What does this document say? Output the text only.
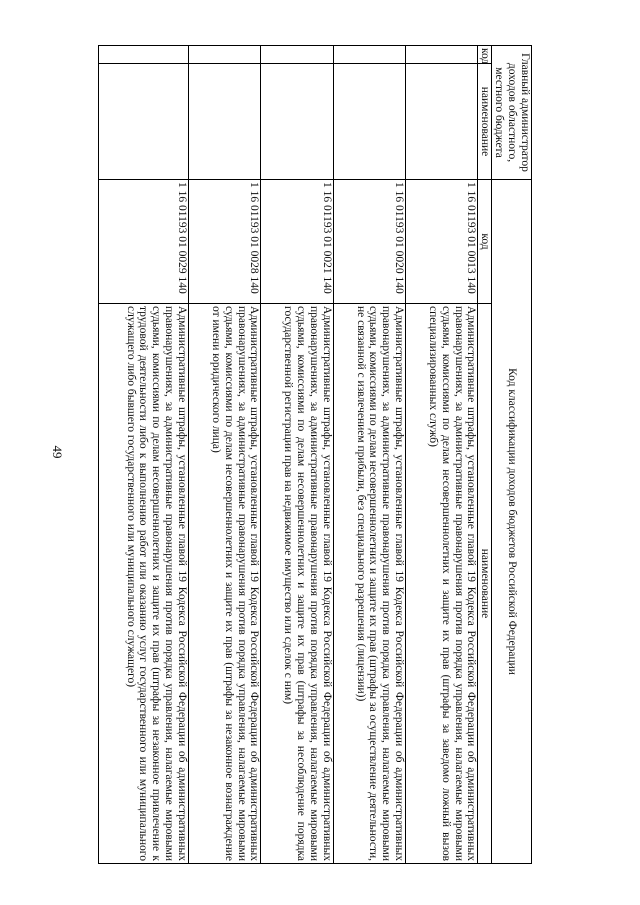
49
Главный администратор доходов областного, местного бюджета		Код классификации доходов бюджетов Российской Федерации	
код	наименование	код	наименование
		1 16 01193 01 0013 140	Административные штрафы, установленные главой 19 Кодекса Российской Федерации об административных правонарушениях, за административные правонарушения против порядка управления, налагаемые мировыми судьями, комиссиями по делам несовершеннолетних и защите их прав (штрафы за заведомо ложный вызов специализированных служб)
		1 16 01193 01 0020 140	Административные штрафы, установленные главой 19 Кодекса Российской Федерации об административных правонарушениях, за административные правонарушения против порядка управления, налагаемые мировыми судьями, комиссиями по делам несовершеннолетних и защите их прав (штрафы за осуществление деятельности, не связанной с извлечением прибыли, без специального разрешения (лицензии))
		1 16 01193 01 0021 140	Административные штрафы, установленные главой 19 Кодекса Российской Федерации об административных правонарушениях, за административные правонарушения против порядка управления, налагаемые мировыми судьями, комиссиями по делам несовершеннолетних и защите их прав (штрафы за несоблюдение порядка государственной регистрации прав на недвижимое имущество или сделок с ним)
		1 16 01193 01 0028 140	Административные штрафы, установленные главой 19 Кодекса Российской Федерации об административных правонарушениях, за административные правонарушения против порядка управления, налагаемые мировыми судьями, комиссиями по делам несовершеннолетних и защите их прав (штрафы за незаконное вознаграждение от имени юридического лица)
		1 16 01193 01 0029 140	Административные штрафы, установленные главой 19 Кодекса Российской Федерации об административных правонарушениях, за административные правонарушения против порядка управления, налагаемые мировыми судьями, комиссиями по делам несовершеннолетних и защите их прав (штрафы за незаконное привлечение к трудовой деятельности либо к выполнению работ или оказанию услуг государственного или муниципального служащего либо бывшего государственного или муниципального служащего)
